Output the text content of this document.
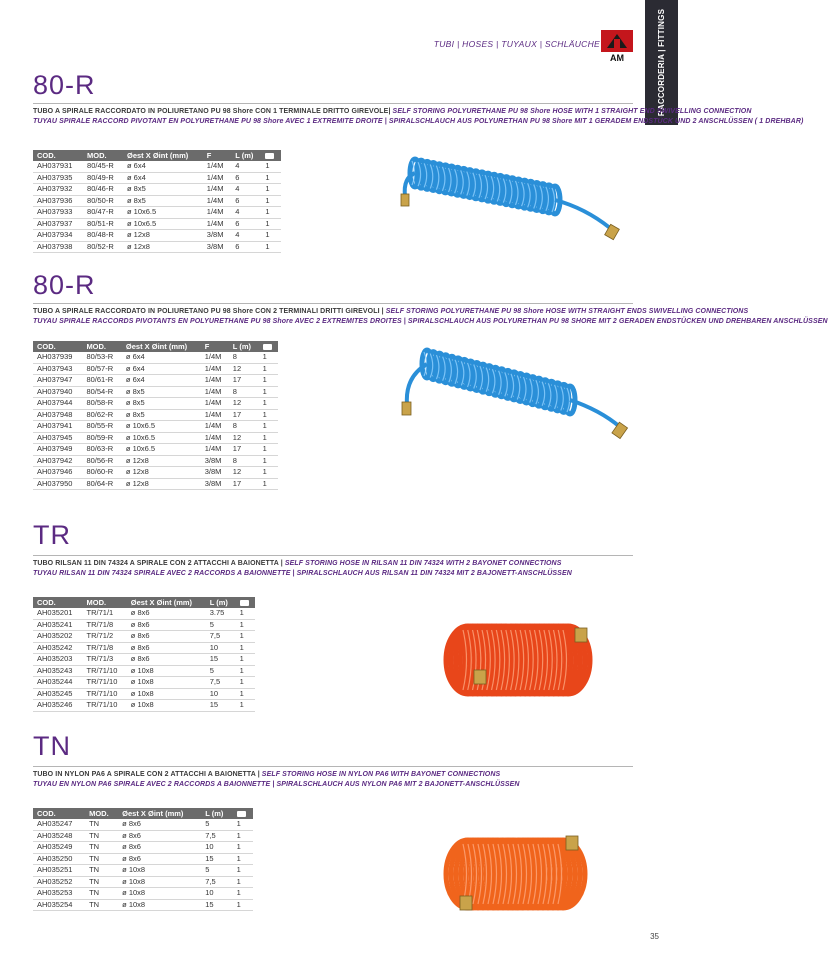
RACCORDERIA | FITTINGS
TUBI | HOSES | TUYAUX | SCHLÄUCHE
AM
80-R
TUBO A SPIRALE RACCORDATO IN POLIURETANO PU 98 Shore CON 1 TERMINALE DRITTO GIREVOLE| SELF STORING POLYURETHANE PU 98 Shore HOSE WITH 1 STRAIGHT END SWIVELLING CONNECTION
TUYAU SPIRALE RACCORD PIVOTANT EN POLYURETHANE PU 98 Shore AVEC 1 EXTREMITE DROITE | SPIRALSCHLAUCH AUS POLYURETHAN PU 98 Shore MIT 1 GERADEM ENDSTÜCK UND 2 ANSCHLÜSSEN ( 1 DREHBAR)
COD.	MOD.	Øest X Øint (mm)	F	L (m)	
AH037931	80/45-R	ø 6x4	1/4M	4	1
AH037935	80/49-R	ø 6x4	1/4M	6	1
AH037932	80/46-R	ø 8x5	1/4M	4	1
AH037936	80/50-R	ø 8x5	1/4M	6	1
AH037933	80/47-R	ø 10x6.5	1/4M	4	1
AH037937	80/51-R	ø 10x6.5	1/4M	6	1
AH037934	80/48-R	ø 12x8	3/8M	4	1
AH037938	80/52-R	ø 12x8	3/8M	6	1
80-R
TUBO A SPIRALE RACCORDATO IN POLIURETANO PU 98 Shore CON 2 TERMINALI DRITTI GIREVOLI | SELF STORING POLYURETHANE PU 98 Shore HOSE WITH STRAIGHT ENDS SWIVELLING CONNECTIONS
TUYAU SPIRALE RACCORDS PIVOTANTS EN POLYURETHANE PU 98 Shore AVEC 2 EXTREMITES DROITES | SPIRALSCHLAUCH AUS POLYURETHAN PU 98 SHORE MIT 2 GERADEN ENDSTÜCKEN UND DREHBAREN ANSCHLÜSSEN
COD.	MOD.	Øest X Øint (mm)	F	L (m)	
AH037939	80/53-R	ø 6x4	1/4M	8	1
AH037943	80/57-R	ø 6x4	1/4M	12	1
AH037947	80/61-R	ø 6x4	1/4M	17	1
AH037940	80/54-R	ø 8x5	1/4M	8	1
AH037944	80/58-R	ø 8x5	1/4M	12	1
AH037948	80/62-R	ø 8x5	1/4M	17	1
AH037941	80/55-R	ø 10x6.5	1/4M	8	1
AH037945	80/59-R	ø 10x6.5	1/4M	12	1
AH037949	80/63-R	ø 10x6.5	1/4M	17	1
AH037942	80/56-R	ø 12x8	3/8M	8	1
AH037946	80/60-R	ø 12x8	3/8M	12	1
AH037950	80/64-R	ø 12x8	3/8M	17	1
TR
TUBO RILSAN 11 DIN 74324 A SPIRALE CON 2 ATTACCHI A BAIONETTA | SELF STORING HOSE IN RILSAN 11 DIN 74324 WITH 2 BAYONET CONNECTIONS
TUYAU RILSAN 11 DIN 74324 SPIRALE AVEC 2 RACCORDS A BAIONNETTE | SPIRALSCHLAUCH AUS RILSAN 11 DIN 74324 MIT 2 BAJONETT-ANSCHLÜSSEN
COD.	MOD.	Øest X Øint (mm)	L (m)	
AH035201	TR/71/1	ø 8x6	3.75	1
AH035241	TR/71/8	ø 8x6	5	1
AH035202	TR/71/2	ø 8x6	7,5	1
AH035242	TR/71/8	ø 8x6	10	1
AH035203	TR/71/3	ø 8x6	15	1
AH035243	TR/71/10	ø 10x8	5	1
AH035244	TR/71/10	ø 10x8	7,5	1
AH035245	TR/71/10	ø 10x8	10	1
AH035246	TR/71/10	ø 10x8	15	1
TN
TUBO IN NYLON PA6 A SPIRALE CON 2 ATTACCHI A BAIONETTA | SELF STORING HOSE IN NYLON PA6 WITH BAYONET CONNECTIONS
TUYAU EN NYLON PA6 SPIRALE AVEC 2 RACCORDS A BAIONNETTE | SPIRALSCHLAUCH AUS NYLON PA6 MIT 2 BAJONETT-ANSCHLÜSSEN
COD.	MOD.	Øest X Øint (mm)	L (m)	
AH035247	TN	ø 8x6	5	1
AH035248	TN	ø 8x6	7,5	1
AH035249	TN	ø 8x6	10	1
AH035250	TN	ø 8x6	15	1
AH035251	TN	ø 10x8	5	1
AH035252	TN	ø 10x8	7,5	1
AH035253	TN	ø 10x8	10	1
AH035254	TN	ø 10x8	15	1
35
